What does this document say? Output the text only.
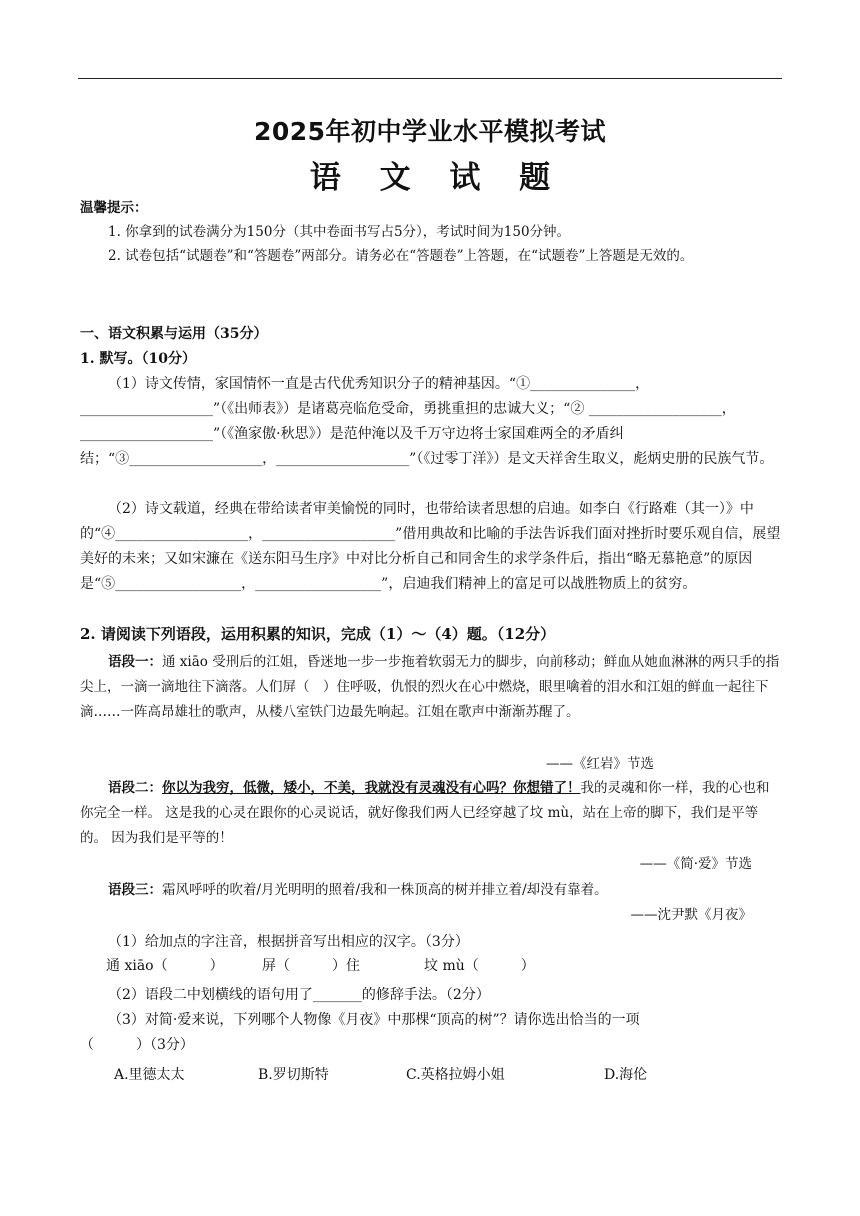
2025年初中学业水平模拟考试
语 文 试 题
温馨提示：
1. 你拿到的试卷满分为150分（其中卷面书写占5分），考试时间为150分钟。
2. 试卷包括“试题卷”和“答题卷”两部分。请务必在“答题卷”上答题，在“试题卷”上答题是无效的。
一、语文积累与运用（35分）
1. 默写。（10分）
（1）诗文传情，家国情怀一直是古代优秀知识分子的精神基因。“①_______________，___________________”（《出师表》）是诸葛亮临危受命，勇挑重担的忠诚大义；“② ___________________，___________________”（《渔家傲·秋思》）是范仲淹以及千万守边将士家国难两全的矛盾纠结；“③___________________，___________________”（《过零丁洋》）是文天祥舍生取义，彪炳史册的民族气节。
（2）诗文载道，经典在带给读者审美愉悦的同时，也带给读者思想的启迪。如李白《行路难（其一）》中的“④___________________，___________________”借用典故和比喻的手法告诉我们面对挫折时要乐观自信，展望美好的未来；又如宋濂在《送东阳马生序》中对比分析自己和同舍生的求学条件后，指出“略无慕艳意”的原因是“⑤__________________，__________________”，启迪我们精神上的富足可以战胜物质上的贫穷。
2. 请阅读下列语段，运用积累的知识，完成（1）～（4）题。（12分）
语段一：通 xiāo 受刑后的江姐，昏迷地一步一步拖着软弱无力的脚步，向前移动；鲜血从她血淋淋的两只手的指尖上，一滴一滴地往下滴落。人们屏（　）住呼吸，仇恨的烈火在心中燃烧，眼里噙着的泪水和江姐的鲜血一起往下滴……一阵高昂雄壮的歌声，从楼八室铁门边最先响起。江姐在歌声中渐渐苏醒了。
——《红岩》节选
语段二：你以为我穷，低微，矮小，不美，我就没有灵魂没有心吗？你想错了！我的灵魂和你一样，我的心也和你完全一样。 这是我的心灵在跟你的心灵说话，就好像我们两人已经穿越了坟 mù，站在上帝的脚下，我们是平等的。 因为我们是平等的！
——《简·爱》节选
语段三：霜风呼呼的吹着/月光明明的照着/我和一株顶高的树并排立着/却没有靠着。
——沈尹默《月夜》
（1）给加点的字注音，根据拼音写出相应的汉字。（3分）
通 xiāo（　　　）	屏（　　　）住	坟 mù（　　　）
（2）语段二中划横线的语句用了_______的修辞手法。（2分）
（3）对简·爱来说，下列哪个人物像《月夜》中那棵“顶高的树”？请你选出恰当的一项（　　　）（3分）
A.里德太太	B.罗切斯特	C.英格拉姆小姐	D.海伦
